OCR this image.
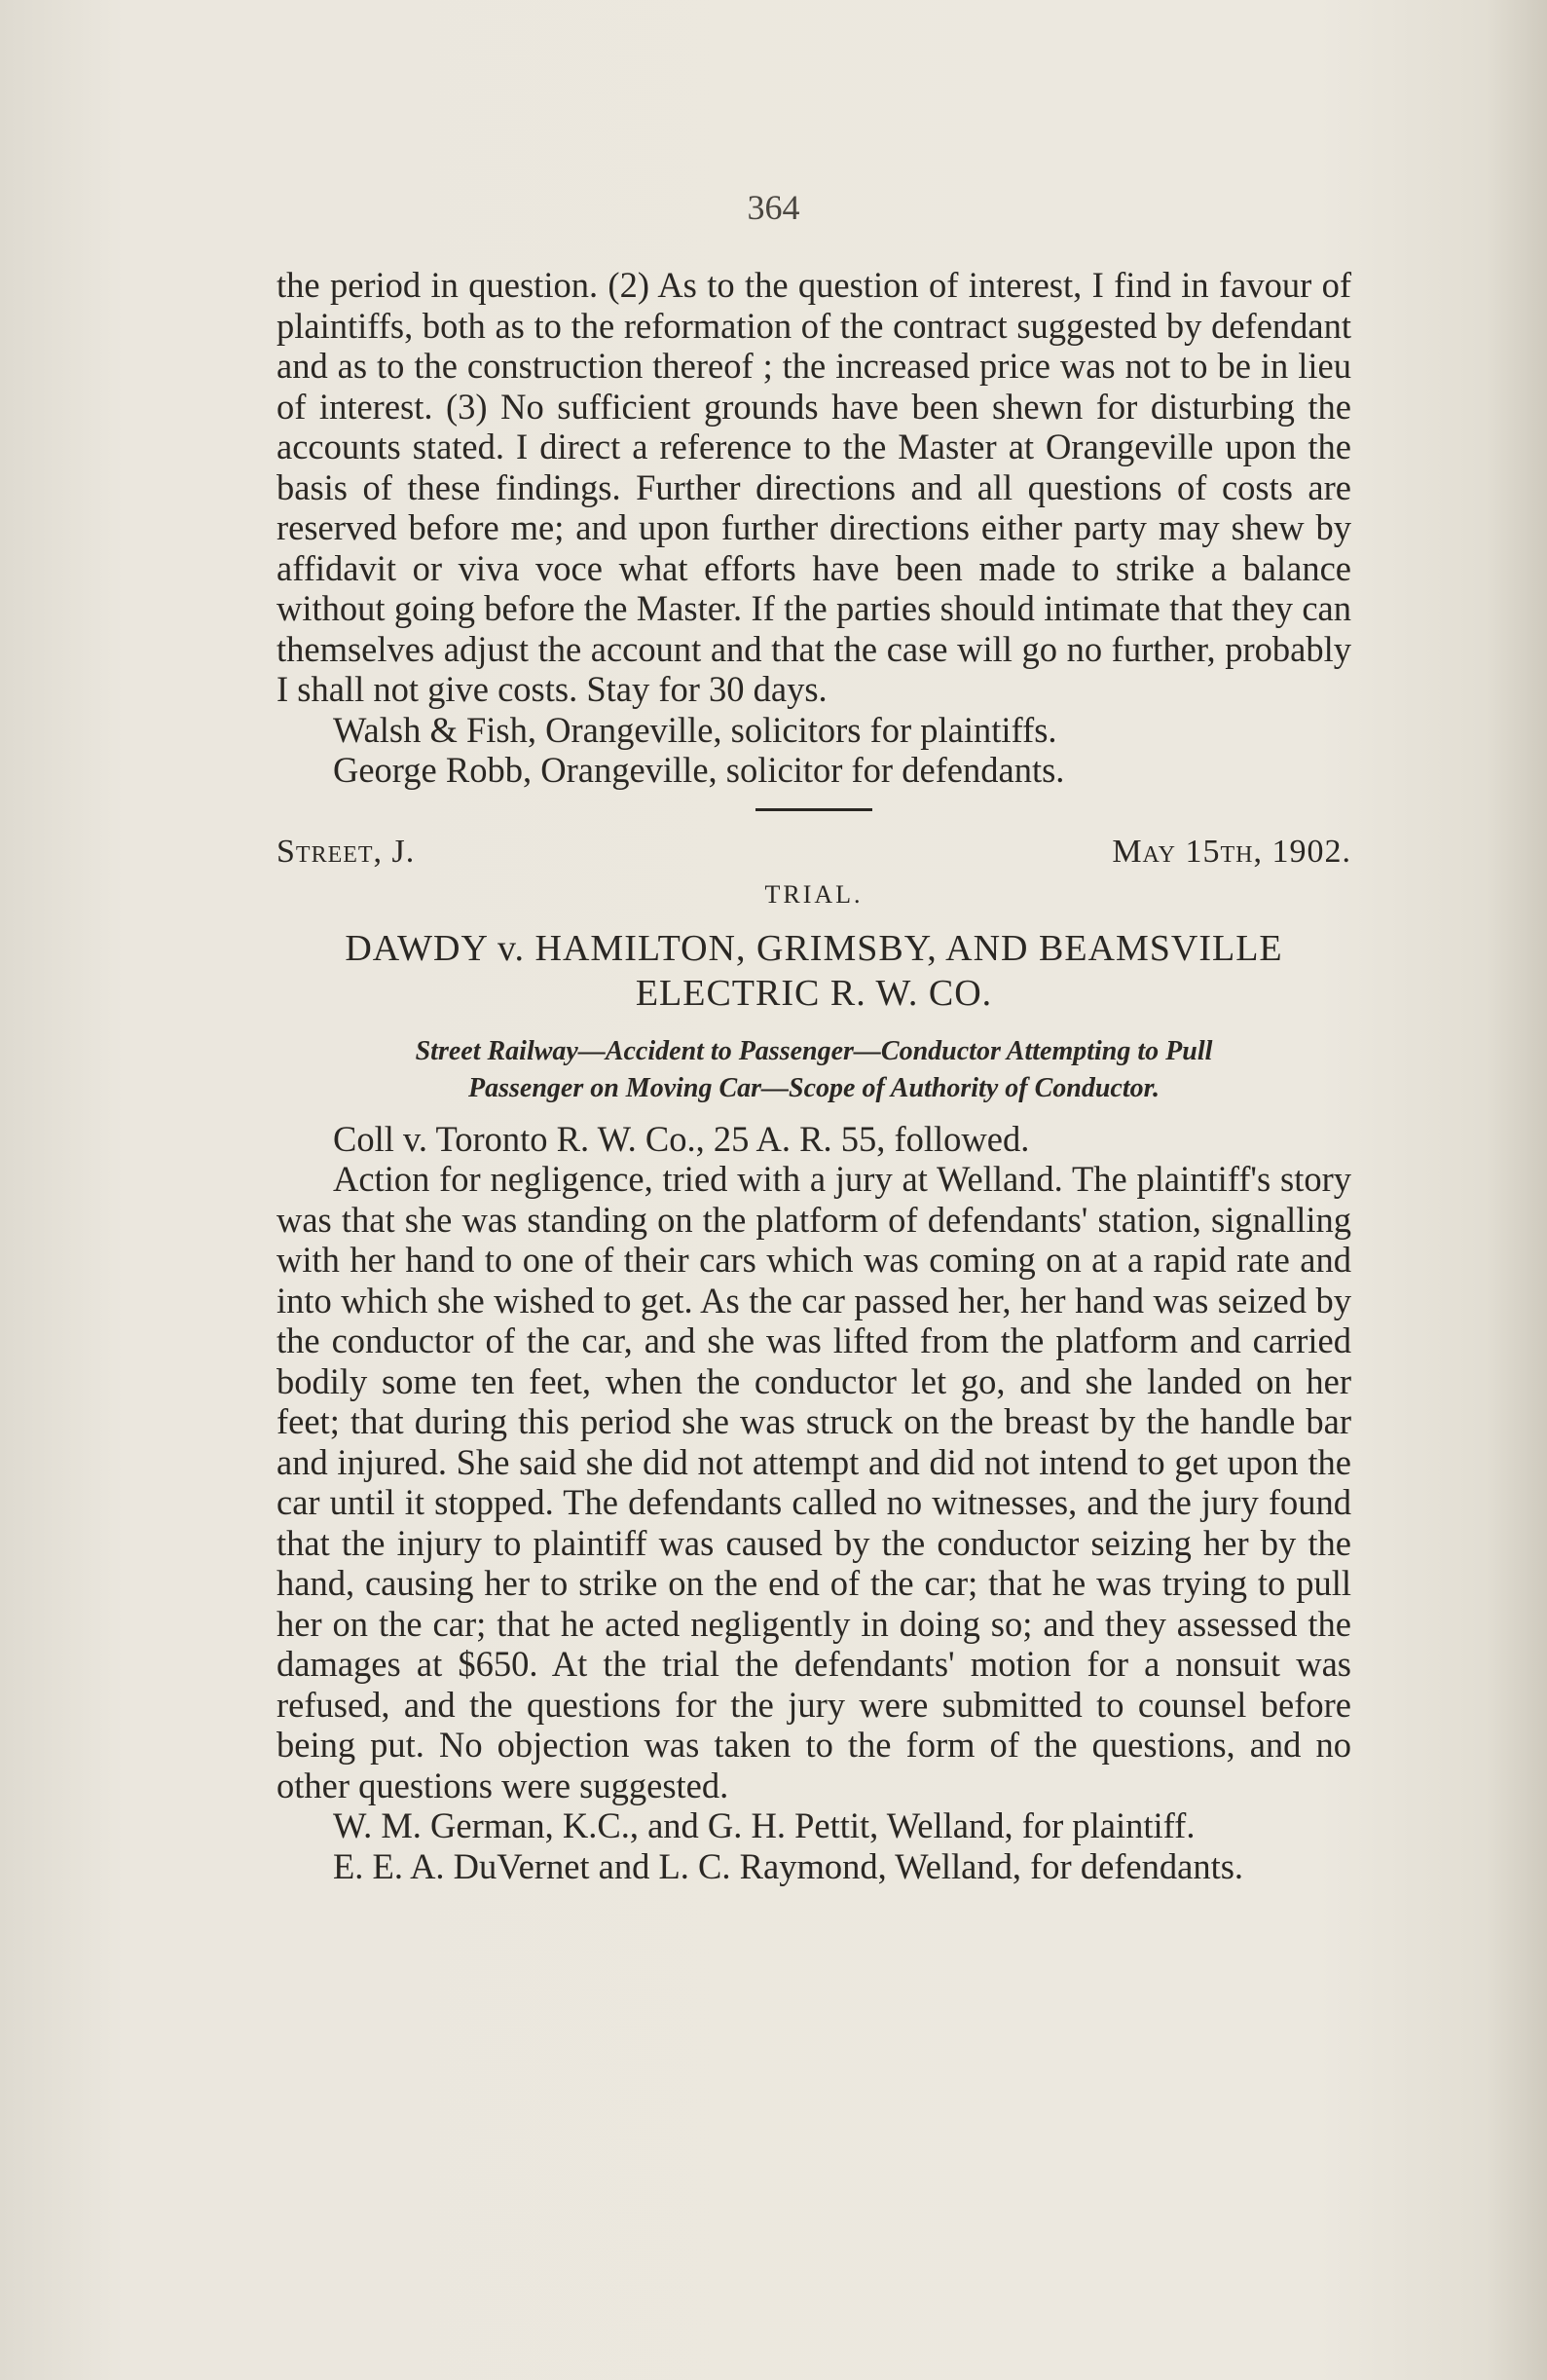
364

the period in question. (2) As to the question of interest, I find in favour of plaintiffs, both as to the reformation of the contract suggested by defendant and as to the construction thereof ; the increased price was not to be in lieu of interest. (3) No sufficient grounds have been shewn for disturbing the accounts stated. I direct a reference to the Master at Orangeville upon the basis of these findings. Further directions and all questions of costs are reserved before me; and upon further directions either party may shew by affidavit or viva voce what efforts have been made to strike a balance without going before the Master. If the parties should intimate that they can themselves adjust the account and that the case will go no further, probably I shall not give costs. Stay for 30 days.

Walsh & Fish, Orangeville, solicitors for plaintiffs.

George Robb, Orangeville, solicitor for defendants.

Street, J.	May 15th, 1902.
TRIAL.
DAWDY v. HAMILTON, GRIMSBY, AND BEAMSVILLE
ELECTRIC R. W. CO.
Street Railway—Accident to Passenger—Conductor Attempting to Pull
Passenger on Moving Car—Scope of Authority of Conductor.

Coll v. Toronto R. W. Co., 25 A. R. 55, followed.

Action for negligence, tried with a jury at Welland. The plaintiff's story was that she was standing on the platform of defendants' station, signalling with her hand to one of their cars which was coming on at a rapid rate and into which she wished to get. As the car passed her, her hand was seized by the conductor of the car, and she was lifted from the platform and carried bodily some ten feet, when the conductor let go, and she landed on her feet; that during this period she was struck on the breast by the handle bar and injured. She said she did not attempt and did not intend to get upon the car until it stopped. The defendants called no witnesses, and the jury found that the injury to plaintiff was caused by the conductor seizing her by the hand, causing her to strike on the end of the car; that he was trying to pull her on the car; that he acted negligently in doing so; and they assessed the damages at $650. At the trial the defendants' motion for a nonsuit was refused, and the questions for the jury were submitted to counsel before being put. No objection was taken to the form of the questions, and no other questions were suggested.

W. M. German, K.C., and G. H. Pettit, Welland, for plaintiff.

E. E. A. DuVernet and L. C. Raymond, Welland, for defendants.
